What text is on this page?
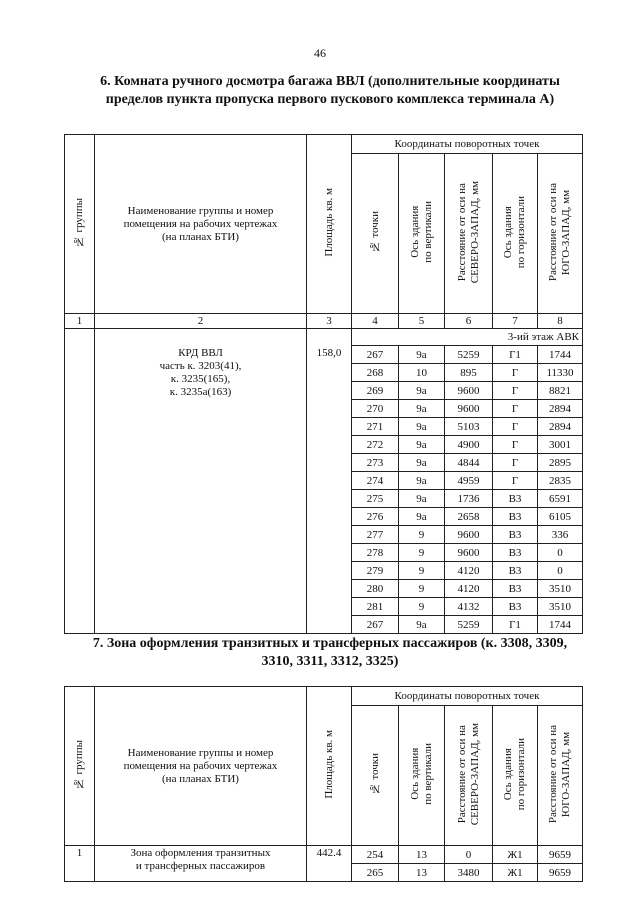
46
6. Комната ручного досмотра багажа ВВЛ (дополнительные координаты
пределов пункта пропуска первого пускового комплекса терминала А)
№ группы	Наименование группы и номер
помещения на рабочих чертежах
(на планах БТИ)	Площадь кв. м	Координаты поворотных точек				
			№ точки	Ось здания
по вертикали	Расстояние от оси на
СЕВЕРО-ЗАПАД, мм	Ось здания
по горизонтали	Расстояние от оси на
ЮГО-ЗАПАД, мм
1	2	3	4	5	6	7	8
			3-ий этаж АВК				

	КРД ВВЛ
часть к. 3203(41),
к. 3235(165),
к. 3235а(163)	158,0	267	9а	5259	Г1	1744
			268	10	895	Г	11330
			269	9а	9600	Г	8821
			270	9а	9600	Г	2894
			271	9а	5103	Г	2894
			272	9а	4900	Г	3001
			273	9а	4844	Г	2895
			274	9а	4959	Г	2835
			275	9а	1736	В3	6591
			276	9а	2658	В3	6105
			277	9	9600	В3	336
			278	9	9600	В3	0
			279	9	4120	В3	0
			280	9	4120	В3	3510
			281	9	4132	В3	3510
			267	9а	5259	Г1	1744
7. Зона оформления транзитных и трансферных пассажиров (к. 3308, 3309,
3310, 3311, 3312, 3325)
№ группы	Наименование группы и номер
помещения на рабочих чертежах
(на планах БТИ)	Площадь кв. м	Координаты поворотных точек				
			№ точки	Ось здания
по вертикали	Расстояние от оси на
СЕВЕРО-ЗАПАД, мм	Ось здания
по горизонтали	Расстояние от оси на
ЮГО-ЗАПАД, мм
1	Зона оформления транзитных
и трансферных пассажиров	442.4	254	13	0	Ж1	9659
			265	13	3480	Ж1	9659
